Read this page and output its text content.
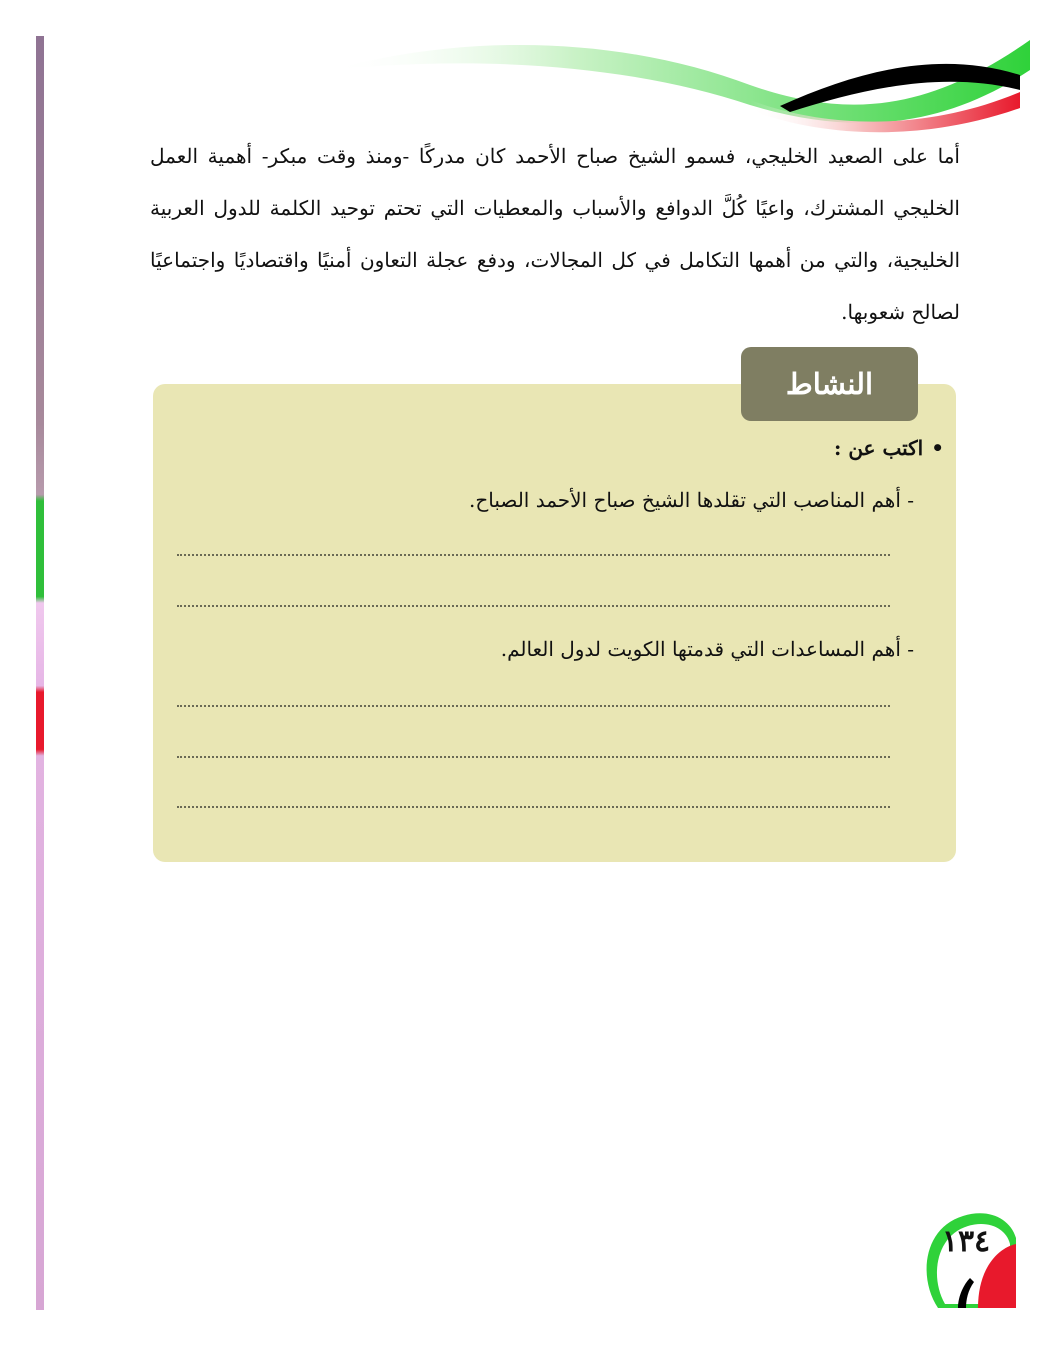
أما على الصعيد الخليجي، فسمو الشيخ صباح الأحمد كان مدركًا -ومنذ وقت مبكر- أهمية العمل الخليجي المشترك، واعيًا كُلَّ الدوافع والأسباب والمعطيات التي تحتم توحيد الكلمة للدول العربية الخليجية، والتي من أهمها التكامل في كل المجالات، ودفع عجلة التعاون أمنيًا واقتصاديًا واجتماعيًا لصالح شعوبها.
النشاط
•اكتب عن :
- أهم المناصب التي تقلدها الشيخ صباح الأحمد الصباح.
- أهم المساعدات التي قدمتها الكويت لدول العالم.
١٣٤
